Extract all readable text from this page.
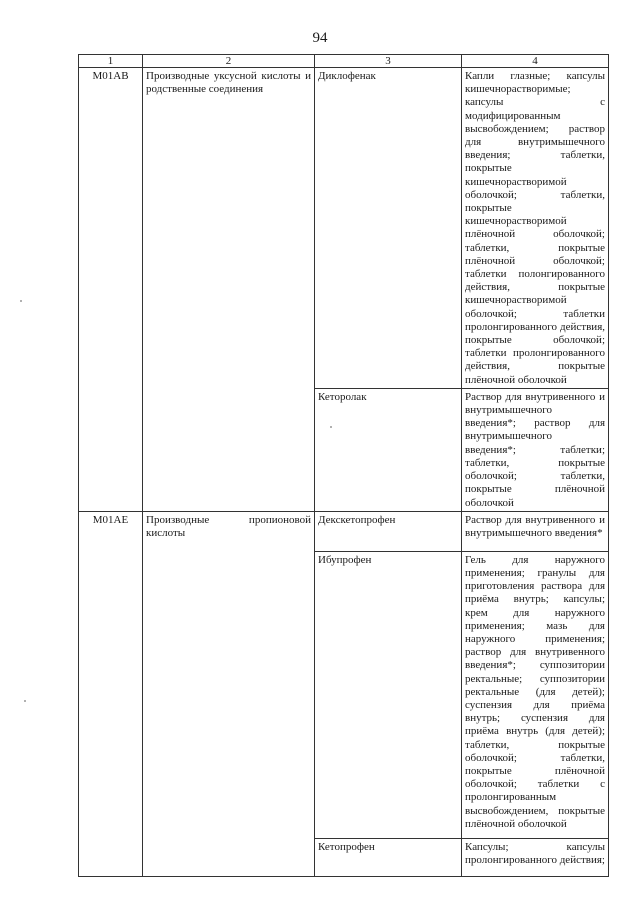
94
1	2	3	4
M01AB	Производные уксусной кислоты и родственные соединения	Диклофенак	Капли глазные; капсулы кишечнорастворимые; капсулы с модифицированным высвобождением; раствор для внутримышечного введения; таблетки, покрытые кишечнорастворимой оболочкой; таблетки, покрытые кишечнорастворимой плёночной оболочкой; таблетки, покрытые плёночной оболочкой; таблетки полонгированного действия, покрытые кишечнорастворимой оболочкой; таблетки пролонгированного действия, покрытые оболочкой; таблетки пролонгированного действия, покрытые плёночной оболочкой
		Кеторолак	Раствор для внутривенного и внутримышечного введения*; раствор для внутримышечного введения*; таблетки; таблетки, покрытые оболочкой; таблетки, покрытые плёночной оболочкой
M01AE	Производные пропионовой кислоты	Декскетопрофен	Раствор для внутривенного и внутримышечного введения*
		Ибупрофен	Гель для наружного применения; гранулы для приготовления раствора для приёма внутрь; капсулы; крем для наружного применения; мазь для наружного применения; раствор для внутривенного введения*; суппозитории ректальные; суппозитории ректальные (для детей); суспензия для приёма внутрь; суспензия для приёма внутрь (для детей); таблетки, покрытые оболочкой; таблетки, покрытые плёночной оболочкой; таблетки с пролонгированным высвобождением, покрытые плёночной оболочкой
		Кетопрофен	Капсулы; капсулы пролонгированного действия;
